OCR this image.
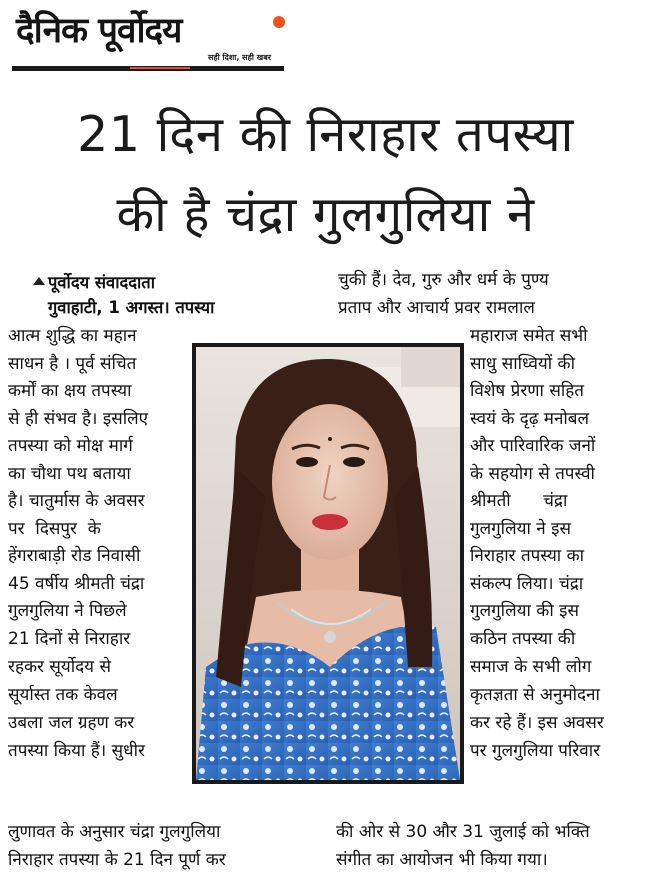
दैनिक पूर्वोदय
सही दिशा, सही खबर
21 दिन की निराहार तपस्या
की है चंद्रा गुलगुलिया ने
पूर्वोदय संवाददाता
गुवाहाटी, 1 अगस्त। तपस्या
चुकी हैं। देव, गुरु और धर्म के पुण्य
प्रताप और आचार्य प्रवर रामलाल
आत्म शुद्धि का महान
साधन है । पूर्व संचित
कर्मों का क्षय तपस्या
से ही संभव है। इसलिए
तपस्या को मोक्ष मार्ग
का चौथा पथ बताया
है। चातुर्मास के अवसर
पर  दिसपुर  के
हेंगराबाड़ी रोड निवासी
45 वर्षीय श्रीमती चंद्रा
गुलगुलिया ने पिछले
21 दिनों से निराहार
रहकर सूर्योदय से
सूर्यास्त तक केवल
उबला जल ग्रहण कर
तपस्या किया हैं। सुधीर
महाराज समेत सभी
साधु साध्वियों की
विशेष प्रेरणा सहित
स्वयं के दृढ़ मनोबल
और पारिवारिक जनों
के सहयोग से तपस्वी
श्रीमती      चंद्रा
गुलगुलिया ने इस
निराहार तपस्या का
संकल्प लिया। चंद्रा
गुलगुलिया की इस
कठिन तपस्या की
समाज के सभी लोग
कृतज्ञता से अनुमोदना
कर रहे हैं। इस अवसर
पर गुलगुलिया परिवार
लुणावत के अनुसार चंद्रा गुलगुलिया
निराहार तपस्या के 21 दिन पूर्ण कर
की ओर से 30 और 31 जुलाई को भक्ति
संगीत का आयोजन भी किया गया।
